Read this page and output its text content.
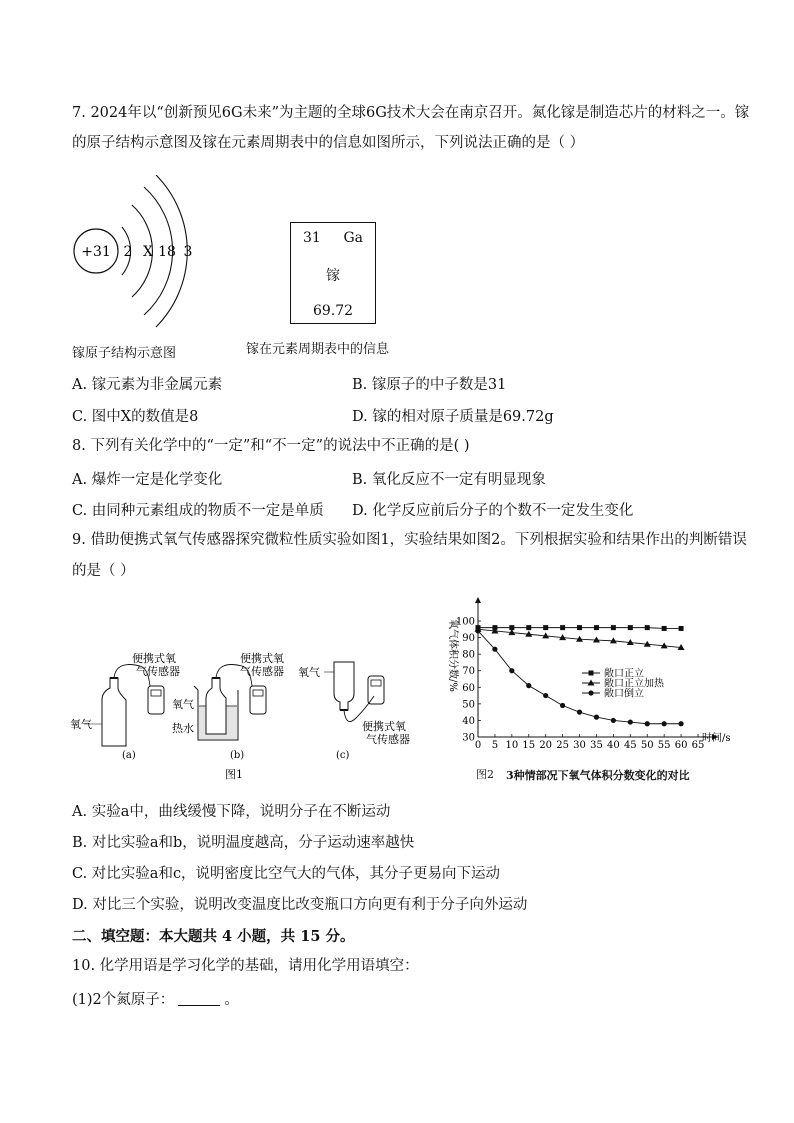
7. 2024年以“创新预见6G未来”为主题的全球6G技术大会在南京召开。氮化镓是制造芯片的材料之一。镓
的原子结构示意图及镓在元素周期表中的信息如图所示，下列说法正确的是（ ）
+31 2 X 18 3
镓原子结构示意图
31 Ga
镓
69.72
镓在元素周期表中的信息
A. 镓元素为非金属元素	B. 镓原子的中子数是31
C. 图中X的数值是8	D. 镓的相对原子质量是69.72g
8. 下列有关化学中的“一定”和“不一定”的说法中不正确的是( )
A. 爆炸一定是化学变化	B. 氧化反应不一定有明显现象
C. 由同种元素组成的物质不一定是单质 D. 化学反应前后分子的个数不一定发生变化
9. 借助便携式氧气传感器探究微粒性质实验如图1，实验结果如图2。下列根据实验和结果作出的判断错误
的是（ ）
氧气
便携式氧
气传感器
(a)
氧气
热水
便携式氧
气传感器
(b)
氧气
便携式氧
气传感器
(c)
图1
0 5 10 15 20 25 30 35 40 45 50 55 60 65
30
40
50
60
70
80
90
100
敞口正立
敞口正立加热
敞口倒立
氧气体积分数/%
时间/s
图2 3种情部况下氧气体积分数变化的对比
A. 实验a中，曲线缓慢下降，说明分子在不断运动
B. 对比实验a和b，说明温度越高，分子运动速率越快
C. 对比实验a和c，说明密度比空气大的气体，其分子更易向下运动
D. 对比三个实验，说明改变温度比改变瓶口方向更有利于分子向外运动
二、填空题：本大题共 4 小题，共 15 分。
10. 化学用语是学习化学的基础，请用化学用语填空：
(1)2个氮原子：	。
